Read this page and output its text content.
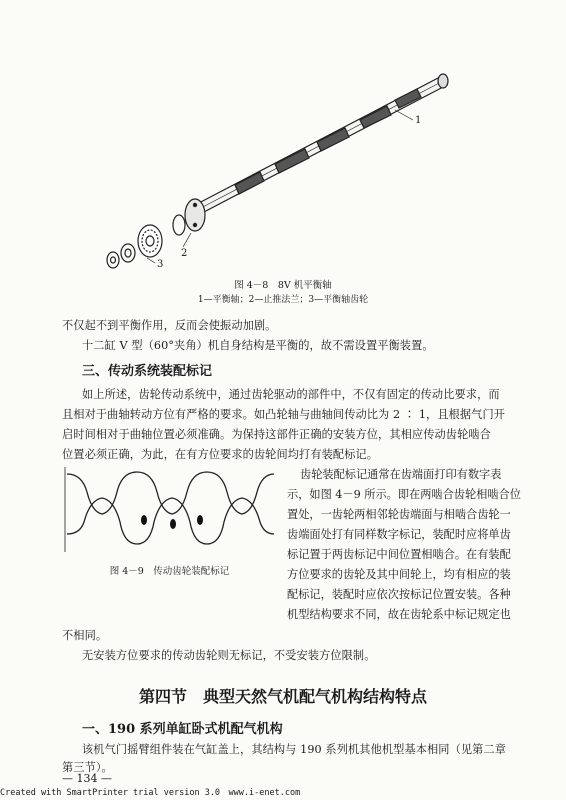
1
2
3
图 4－8　8V 机平衡轴
1—平衡轴；2—止推法兰；3—平衡轴齿轮
不仅起不到平衡作用，反而会使振动加剧。
十二缸 V 型（60°夹角）机自身结构是平衡的，故不需设置平衡装置。
三、传动系统装配标记
如上所述，齿轮传动系统中，通过齿轮驱动的部件中，不仅有固定的传动比要求，而
且相对于曲轴转动方位有严格的要求。如凸轮轴与曲轴间传动比为 2 ∶ 1，且根据气门开
启时间相对于曲轴位置必须准确。为保持这部件正确的安装方位，其相应传动齿轮啮合
位置必须正确，为此，在有方位要求的齿轮间均打有装配标记。
图 4－9　传动齿轮装配标记
齿轮装配标记通常在齿端面打印有数字表
示，如图 4－9 所示。即在两啮合齿轮相啮合位
置处，一齿轮两相邻轮齿端面与相啮合齿轮一
齿端面处打有同样数字标记，装配时应将单齿
标记置于两齿标记中间位置相啮合。在有装配
方位要求的齿轮及其中间轮上，均有相应的装
配标记，装配时应依次按标记位置安装。各种
机型结构要求不同，故在齿轮系中标记规定也
不相同。
无安装方位要求的传动齿轮则无标记，不受安装方位限制。
第四节　典型天然气机配气机构结构特点
一、190 系列单缸卧式机配气机构
该机气门摇臂组件装在气缸盖上，其结构与 190 系列机其他机型基本相同（见第二章
第三节）。
— 134 —
Created with SmartPrinter trial version 3.0　www.i-enet.com
